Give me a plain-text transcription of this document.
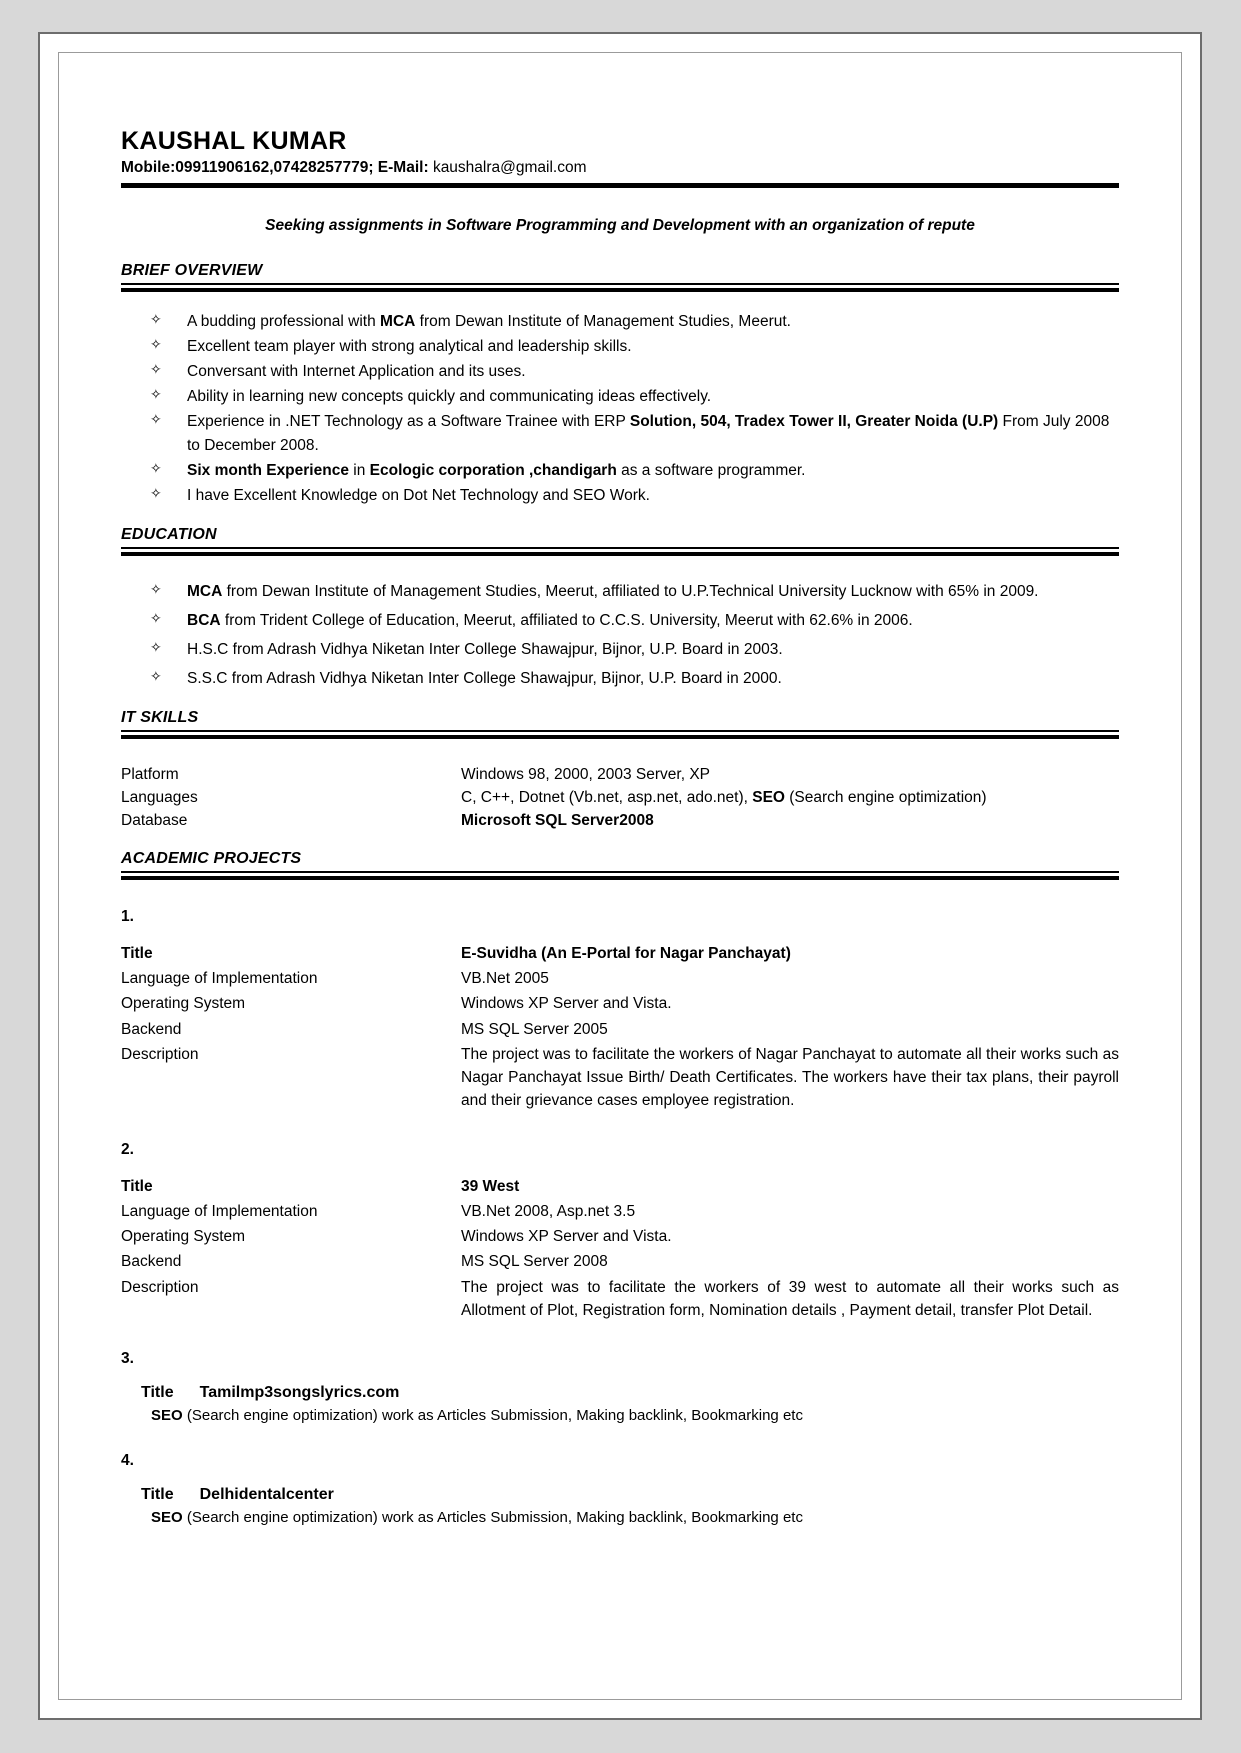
KAUSHAL KUMAR
Mobile:09911906162,07428257779; E-Mail: kaushalra@gmail.com
Seeking assignments in Software Programming and Development with an organization of repute
BRIEF OVERVIEW
✧ A budding professional with MCA from Dewan Institute of Management Studies, Meerut.
✧ Excellent team player with strong analytical and leadership skills.
✧ Conversant with Internet Application and its uses.
✧ Ability in learning new concepts quickly and communicating ideas effectively.
✧ Experience in .NET Technology as a Software Trainee with ERP Solution, 504, Tradex Tower II, Greater Noida (U.P) From July 2008 to December 2008.
✧ Six month Experience in Ecologic corporation ,chandigarh as a software programmer.
✧ I have Excellent Knowledge on Dot Net Technology and SEO Work.
EDUCATION
✧ MCA from Dewan Institute of Management Studies, Meerut, affiliated to U.P.Technical University Lucknow with 65% in 2009.
✧ BCA from Trident College of Education, Meerut, affiliated to C.C.S. University, Meerut with 62.6% in 2006.
✧ H.S.C from Adrash Vidhya Niketan Inter College Shawajpur, Bijnor, U.P. Board in 2003.
✧ S.S.C from Adrash Vidhya Niketan Inter College Shawajpur, Bijnor, U.P. Board in 2000.
IT SKILLS
Platform	Windows 98, 2000, 2003 Server, XP
Languages	C, C++, Dotnet (Vb.net, asp.net, ado.net), SEO (Search engine optimization)
Database	Microsoft SQL Server2008
ACADEMIC PROJECTS
1.
Title	E-Suvidha (An E-Portal for Nagar Panchayat)
Language of Implementation	VB.Net 2005
Operating System	Windows XP Server and Vista.
Backend	MS SQL Server 2005
Description	The project was to facilitate the workers of Nagar Panchayat to automate all their works such as Nagar Panchayat Issue Birth/ Death Certificates. The workers have their tax plans, their payroll and their grievance cases employee registration.
2.
Title	39 West
Language of Implementation	VB.Net 2008, Asp.net 3.5
Operating System	Windows XP Server and Vista.
Backend	MS SQL Server 2008
Description	The project was to facilitate the workers of 39 west to automate all their works such as Allotment of Plot, Registration form, Nomination details , Payment detail, transfer Plot Detail.
3.
Title Tamilmp3songslyrics.com
SEO (Search engine optimization) work as Articles Submission, Making backlink, Bookmarking etc
4.
Title Delhidentalcenter
SEO (Search engine optimization) work as Articles Submission, Making backlink, Bookmarking etc
